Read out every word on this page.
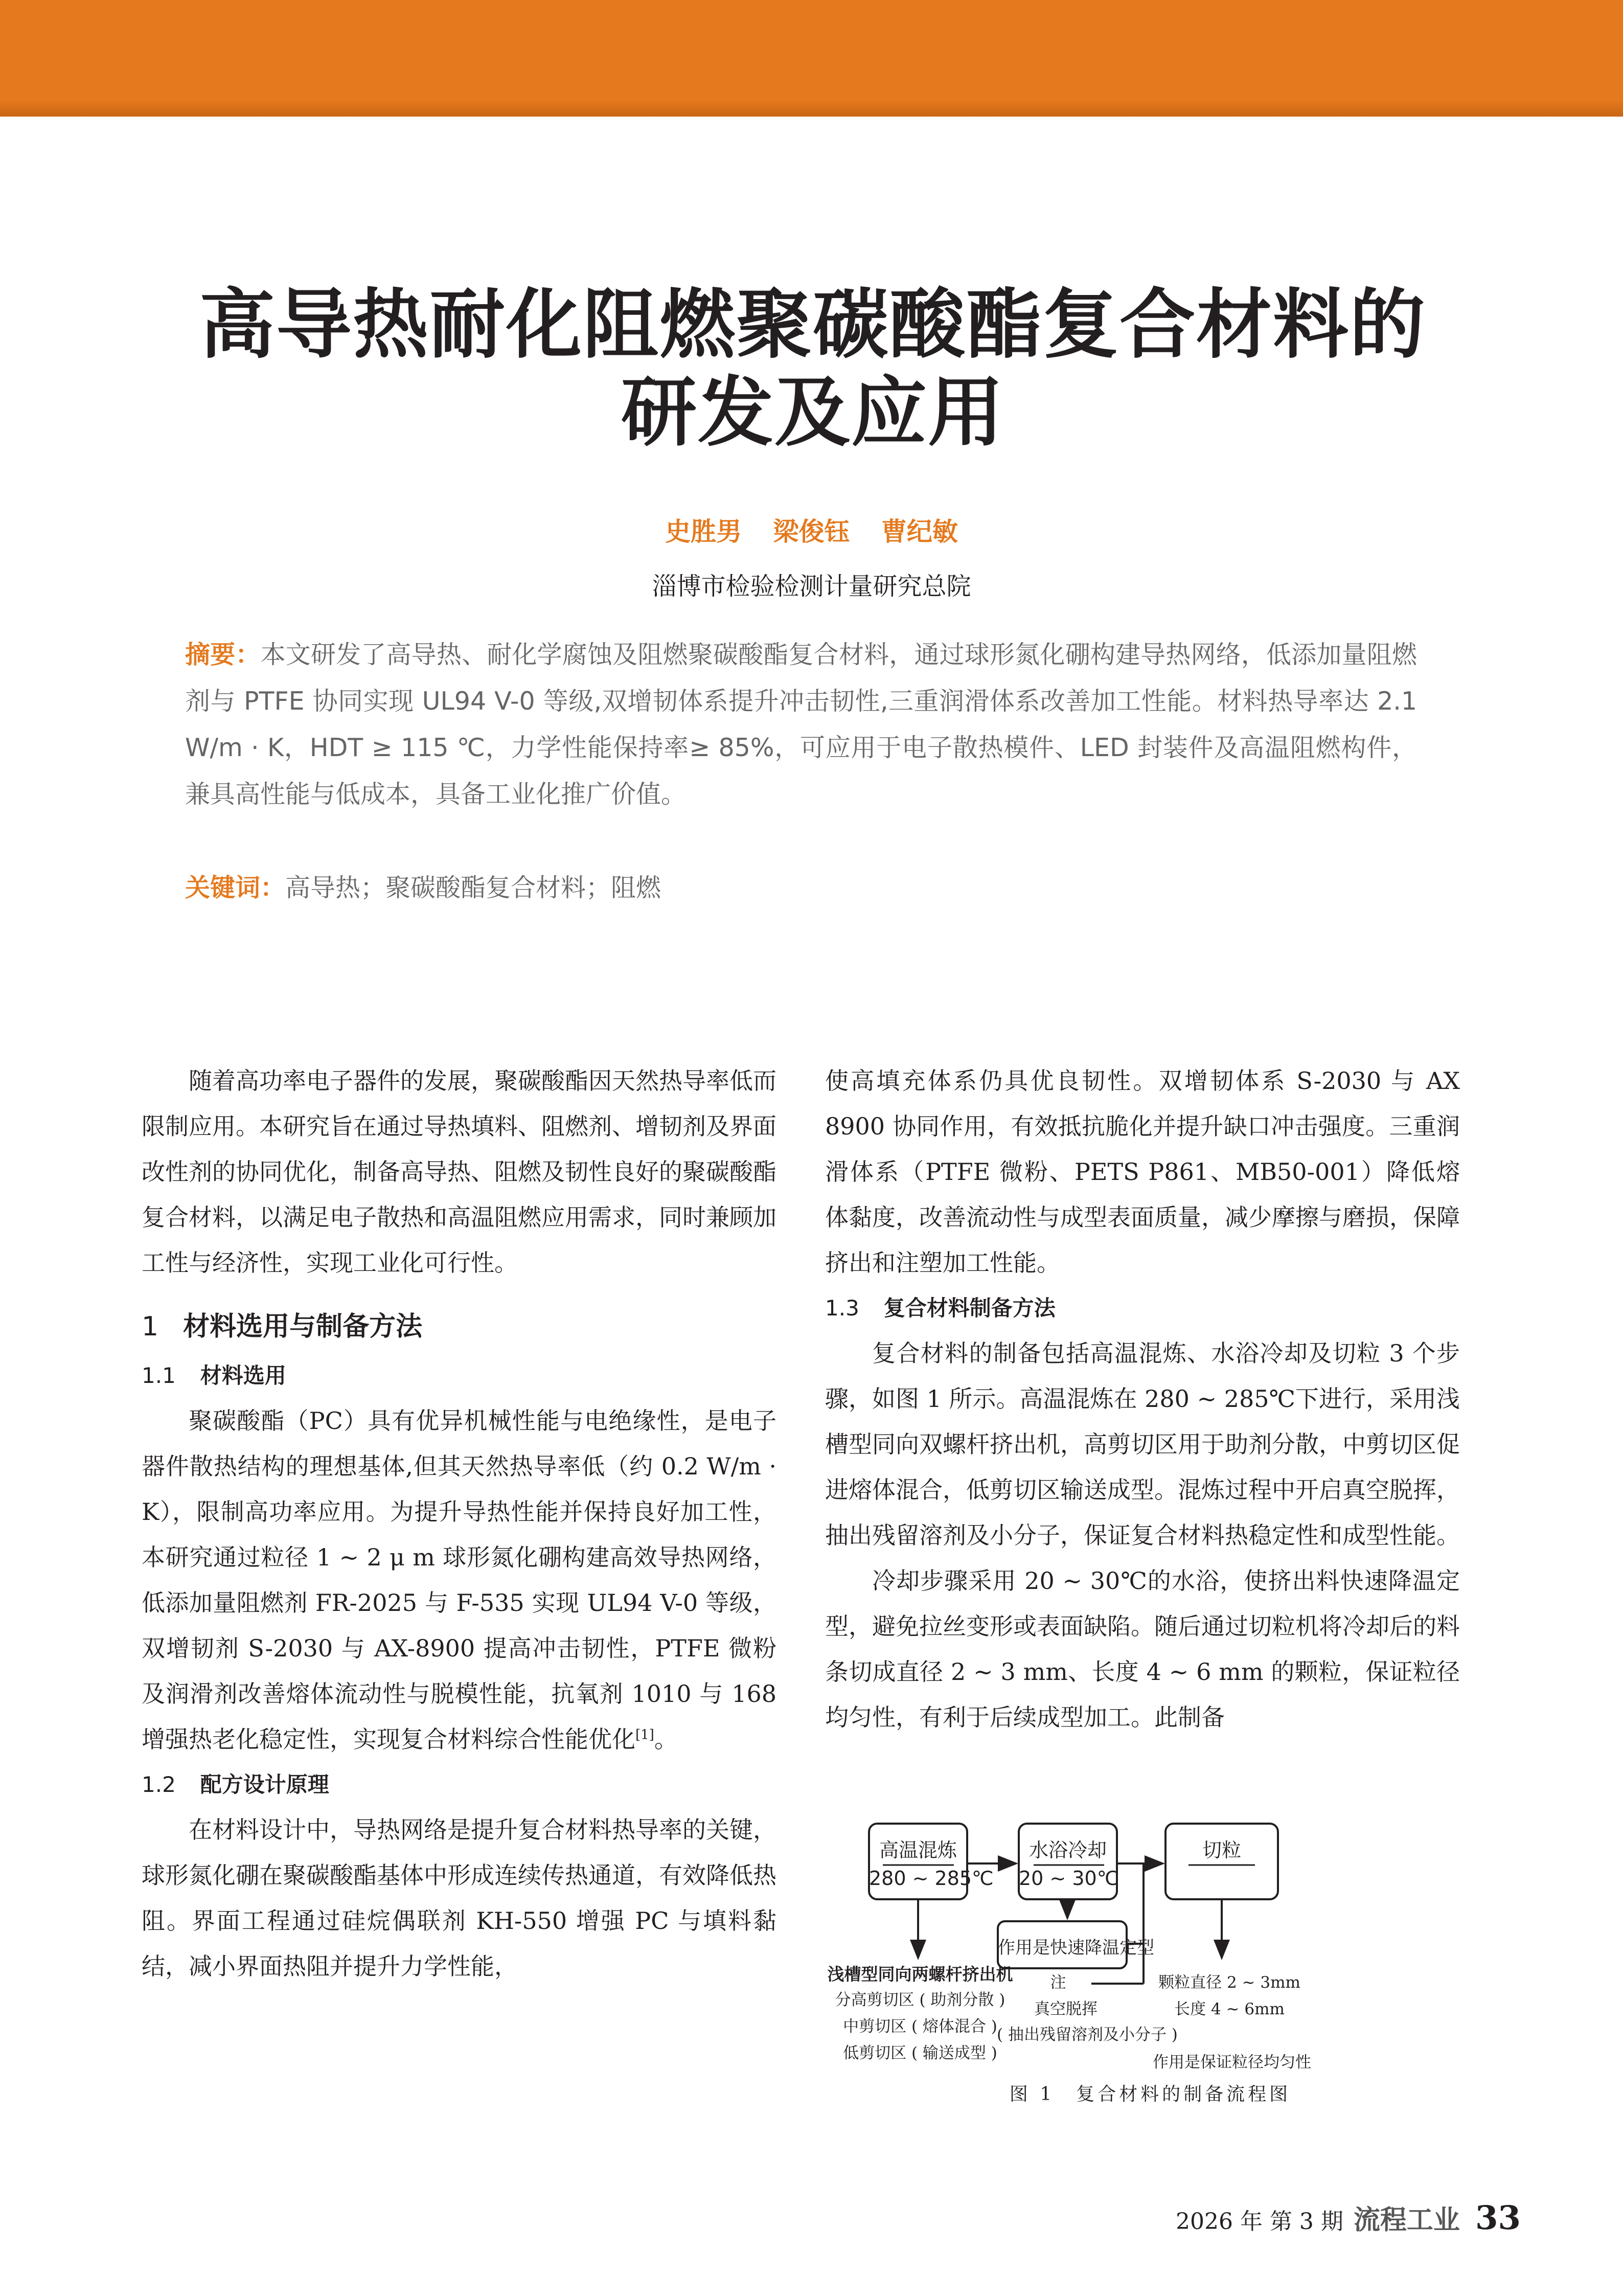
高导热耐化阻燃聚碳酸酯复合材料的
研发及应用
史胜男 梁俊钰 曹纪敏
淄博市检验检测计量研究总院
摘要：本文研发了高导热、耐化学腐蚀及阻燃聚碳酸酯复合材料，通过球形氮化硼构建导热网络，低添加量阻燃剂与 PTFE 协同实现 UL94 V-0 等级,双增韧体系提升冲击韧性,三重润滑体系改善加工性能。材料热导率达 2.1 W/m · K，HDT ≥ 115 ℃，力学性能保持率≥ 85%，可应用于电子散热模件、LED 封装件及高温阻燃构件，兼具高性能与低成本，具备工业化推广价值。
关键词：高导热；聚碳酸酯复合材料；阻燃

随着高功率电子器件的发展，聚碳酸酯因天然热导率低而限制应用。本研究旨在通过导热填料、阻燃剂、增韧剂及界面改性剂的协同优化，制备高导热、阻燃及韧性良好的聚碳酸酯复合材料，以满足电子散热和高温阻燃应用需求，同时兼顾加工性与经济性，实现工业化可行性。

1 材料选用与制备方法
1.1 材料选用

聚碳酸酯（PC）具有优异机械性能与电绝缘性，是电子器件散热结构的理想基体,但其天然热导率低（约 0.2 W/m · K），限制高功率应用。为提升导热性能并保持良好加工性，本研究通过粒径 1 ~ 2 μ m 球形氮化硼构建高效导热网络，低添加量阻燃剂 FR-2025 与 F-535 实现 UL94 V-0 等级，双增韧剂 S-2030 与 AX-8900 提高冲击韧性，PTFE 微粉及润滑剂改善熔体流动性与脱模性能，抗氧剂 1010 与 168 增强热老化稳定性，实现复合材料综合性能优化[1]。

1.2 配方设计原理

在材料设计中，导热网络是提升复合材料热导率的关键，球形氮化硼在聚碳酸酯基体中形成连续传热通道，有效降低热阻。界面工程通过硅烷偶联剂 KH-550 增强 PC 与填料黏结，减小界面热阻并提升力学性能，

使高填充体系仍具优良韧性。双增韧体系 S-2030 与 AX 8900 协同作用，有效抵抗脆化并提升缺口冲击强度。三重润滑体系（PTFE 微粉、PETS P861、MB50-001）降低熔体黏度，改善流动性与成型表面质量，减少摩擦与磨损，保障挤出和注塑加工性能。

1.3 复合材料制备方法

复合材料的制备包括高温混炼、水浴冷却及切粒 3 个步骤，如图 1 所示。高温混炼在 280 ~ 285℃下进行，采用浅槽型同向双螺杆挤出机，高剪切区用于助剂分散，中剪切区促进熔体混合，低剪切区输送成型。混炼过程中开启真空脱挥，抽出残留溶剂及小分子，保证复合材料热稳定性和成型性能。

冷却步骤采用 20 ~ 30℃的水浴，使挤出料快速降温定型，避免拉丝变形或表面缺陷。随后通过切粒机将冷却后的料条切成直径 2 ~ 3 mm、长度 4 ~ 6 mm 的颗粒，保证粒径均匀性，有利于后续成型加工。此制备

高温混炼
280 ~ 285℃
水浴冷却
20 ~ 30℃
切粒
作用是快速降温定型
浅槽型同向两螺杆挤出机
分高剪切区 ( 助剂分散 )
中剪切区 ( 熔体混合 )
低剪切区 ( 输送成型 )
注
真空脱挥
( 抽出残留溶剂及小分子 )
颗粒直径 2 ~ 3mm
长度 4 ~ 6mm
作用是保证粒径均匀性
图 1　复合材料的制备流程图
2026 年 第 3 期 流程工业 33
